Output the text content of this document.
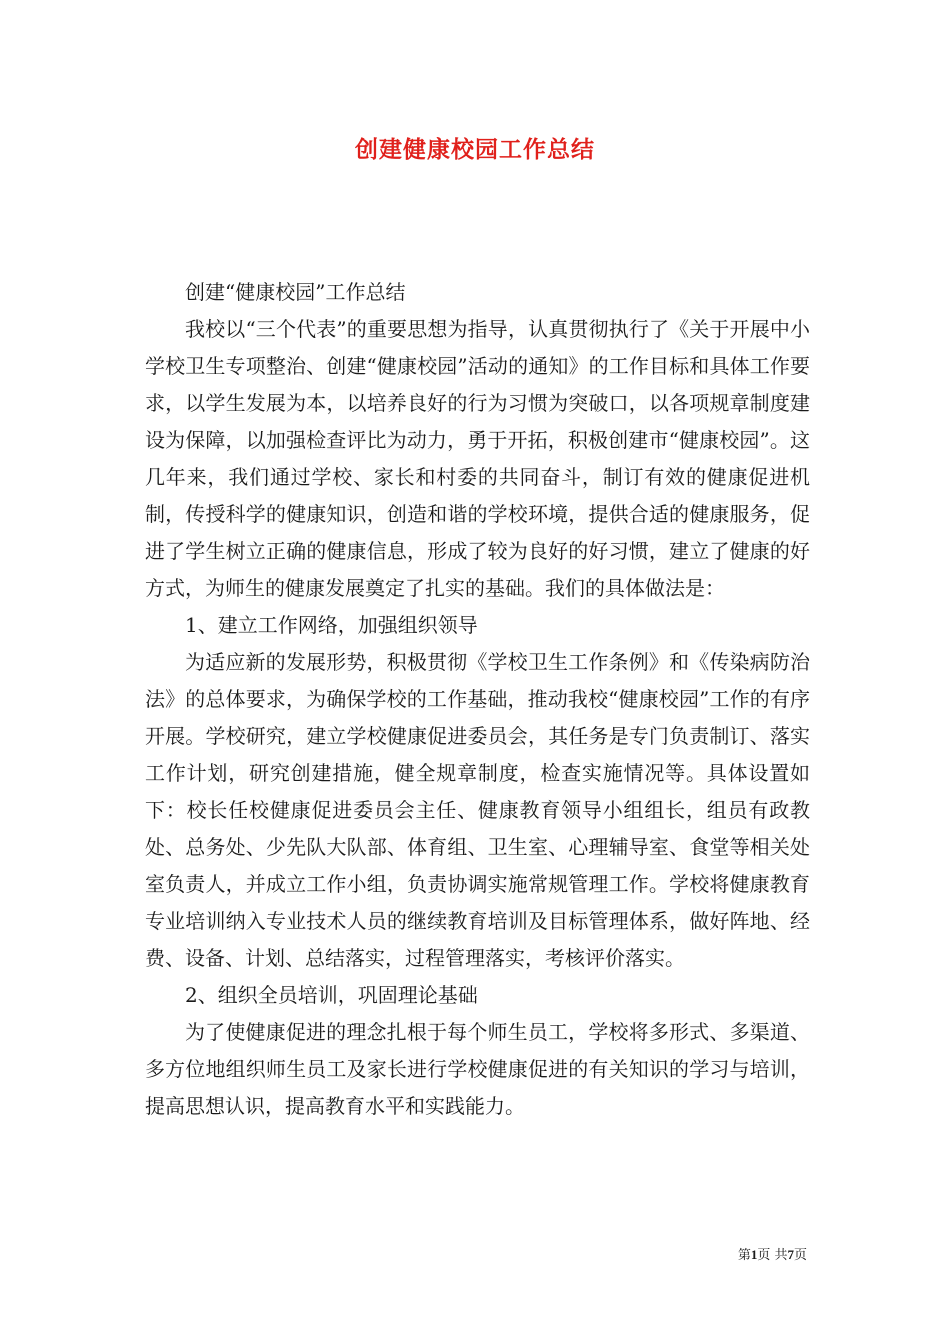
创建健康校园工作总结

创建“健康校园”工作总结

我校以“三个代表”的重要思想为指导，认真贯彻执行了《关于开展中小学校卫生专项整治、创建“健康校园”活动的通知》的工作目标和具体工作要求，以学生发展为本，以培养良好的行为习惯为突破口，以各项规章制度建设为保障，以加强检查评比为动力，勇于开拓，积极创建市“健康校园”。这几年来，我们通过学校、家长和村委的共同奋斗，制订有效的健康促进机制，传授科学的健康知识，创造和谐的学校环境，提供合适的健康服务，促进了学生树立正确的健康信息，形成了较为良好的好习惯，建立了健康的好方式，为师生的健康发展奠定了扎实的基础。我们的具体做法是：

1、建立工作网络，加强组织领导

为适应新的发展形势，积极贯彻《学校卫生工作条例》和《传染病防治法》的总体要求，为确保学校的工作基础，推动我校“健康校园”工作的有序开展。学校研究，建立学校健康促进委员会，其任务是专门负责制订、落实工作计划，研究创建措施，健全规章制度，检查实施情况等。具体设置如下：校长任校健康促进委员会主任、健康教育领导小组组长，组员有政教处、总务处、少先队大队部、体育组、卫生室、心理辅导室、食堂等相关处室负责人，并成立工作小组，负责协调实施常规管理工作。学校将健康教育专业培训纳入专业技术人员的继续教育培训及目标管理体系，做好阵地、经费、设备、计划、总结落实，过程管理落实，考核评价落实。

2、组织全员培训，巩固理论基础

为了使健康促进的理念扎根于每个师生员工，学校将多形式、多渠道、多方位地组织师生员工及家长进行学校健康促进的有关知识的学习与培训，提高思想认识，提高教育水平和实践能力。

第1页 共7页
